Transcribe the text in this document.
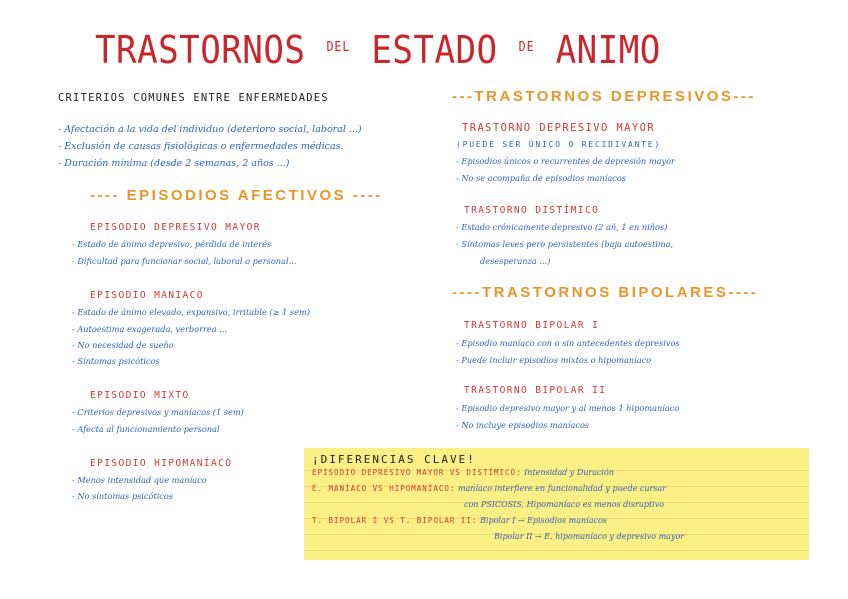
TRASTORNOS $^{DEL}$ ESTADO $^{DE}$ ANIMO
CRITERIOS COMUNES ENTRE ENFERMEDADES
- Afectación a la vida del individuo (deterioro social, laboral ...)
- Exclusión de causas fisiológicas o enfermedades médicas.
- Duración mínima (desde 2 semanas, 2 años ...)
---- EPISODIOS AFECTIVOS ----
EPISODIO DEPRESIVO MAYOR
- Estado de ánimo depresivo, pérdida de interés
- Dificultad para funcionar social, laboral o personal...
EPISODIO MANIACO
- Estado de ánimo elevado, expansivo, irritable (≥ 1 sem)
- Autoestima exagerada, verborrea ...
- No necesidad de sueño
- Síntomas psicóticos
EPISODIO MIXTO
- Criterios depresivos y maníacos (1 sem)
- Afecta al funcionamiento personal
EPISODIO HIPOMANÍACO
- Menos intensidad que maníaco
- No síntomas psicóticos
---TRASTORNOS DEPRESIVOS---
TRASTORNO DEPRESIVO MAYOR
(PUEDE SER ÚNICO O RECIDIVANTE)
- Episodios únicos o recurrentes de depresión mayor
- No se acompaña de episodios maníacos
TRASTORNO DISTÍMICO
- Estado crónicamente depresivo (2 añ, 1 en niños)
- Síntomas leves pero persistentes (baja autoestima,
desesperanza ...)
----TRASTORNOS BIPOLARES----
TRASTORNO BIPOLAR I
- Episodio maníaco con o sin antecedentes depresivos
- Puede incluir episodios mixtos o hipomaníaco
TRASTORNO BIPOLAR II
- Episodio depresivo mayor y al menos 1 hipomaníaco
- No incluye episodios maníacos
¡DIFERENCIAS CLAVE!
EPISODIO DEPRESIVO MAYOR VS DISTÍMICO: Intensidad y Duración
E. MANÍACO VS HIPOMANÍACO: maníaco interfiere en funcionalidad y puede cursar
con PSICOSIS, Hipomaníaco es menos disruptivo
T. BIPOLAR I VS T. BIPOLAR II: Bipolar I → Episodios maníacos
Bipolar II → E. hipomaníaco y depresivo mayor
